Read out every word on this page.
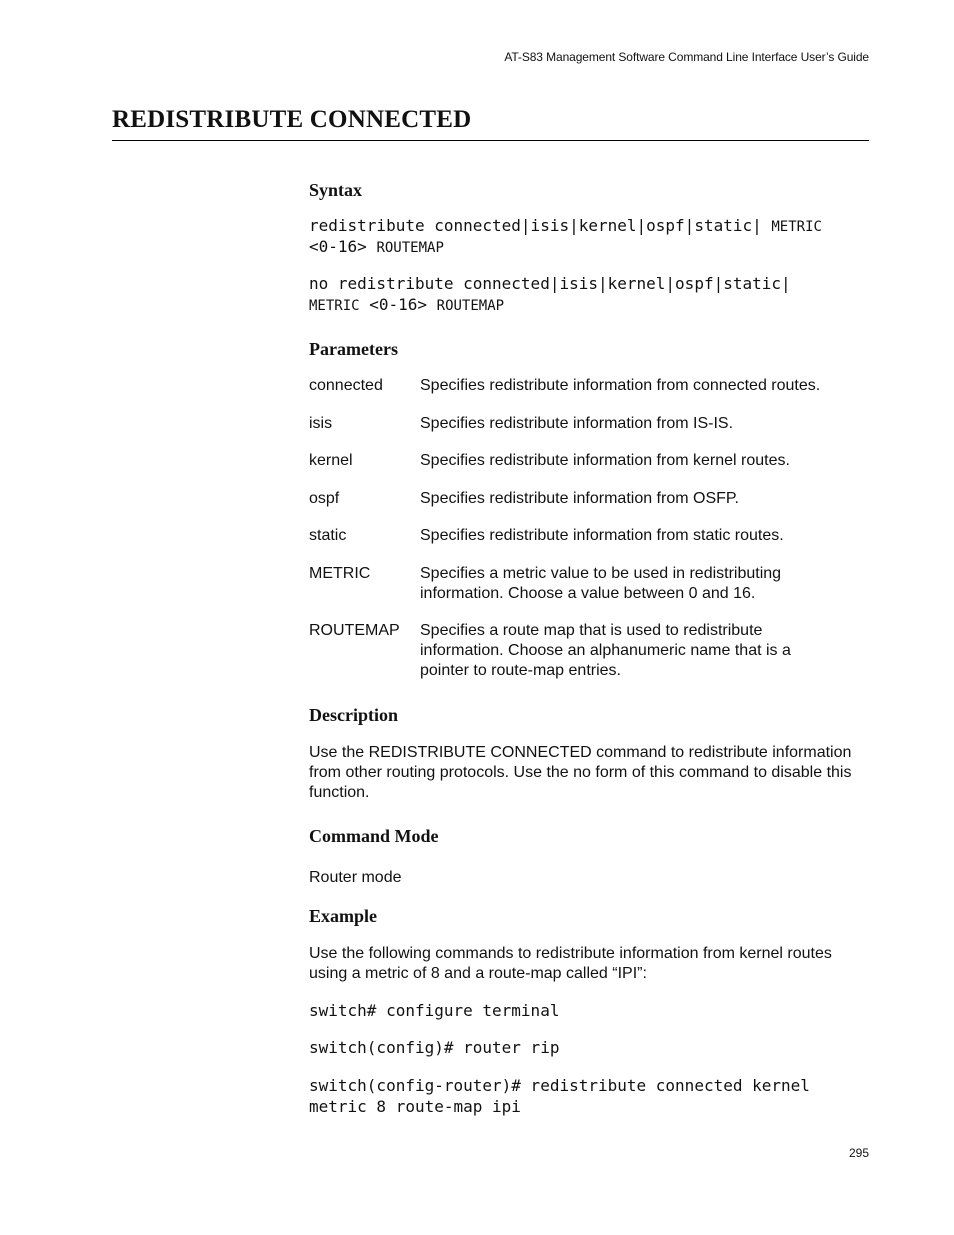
AT-S83 Management Software Command Line Interface User’s Guide
REDISTRIBUTE CONNECTED
Syntax
redistribute connected|isis|kernel|ospf|static| METRIC
<0-16> ROUTEMAP
no redistribute connected|isis|kernel|ospf|static|
METRIC <0-16> ROUTEMAP
Parameters
connected Specifies redistribute information from connected routes.
isis	Specifies redistribute information from IS-IS.
kernel	Specifies redistribute information from kernel routes.
ospf	Specifies redistribute information from OSFP.
static	Specifies redistribute information from static routes.
METRIC	Specifies a metric value to be used in redistributing information. Choose a value between 0 and 16.
ROUTEMAP Specifies a route map that is used to redistribute information. Choose an alphanumeric name that is a pointer to route-map entries.
Description
Use the REDISTRIBUTE CONNECTED command to redistribute information from other routing protocols. Use the no form of this command to disable this function.
Command Mode
Router mode
Example
Use the following commands to redistribute information from kernel routes using a metric of 8 and a route-map called “IPI”:
switch# configure terminal
switch(config)# router rip
switch(config-router)# redistribute connected kernel
metric 8 route-map ipi
295
